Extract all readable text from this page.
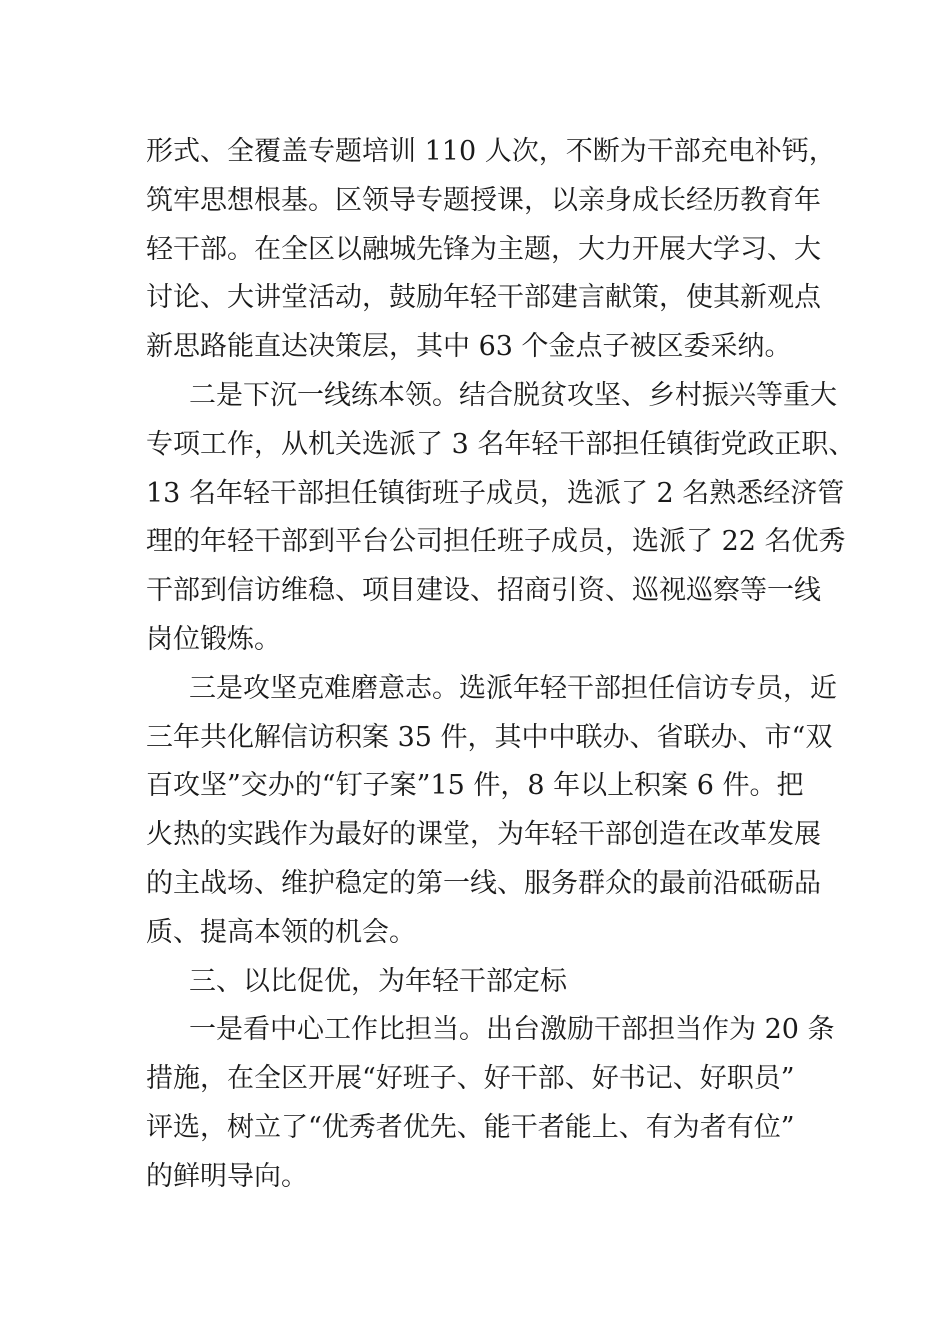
形式、全覆盖专题培训 110 人次，不断为干部充电补钙，
筑牢思想根基。区领导专题授课，以亲身成长经历教育年
轻干部。在全区以融城先锋为主题，大力开展大学习、大
讨论、大讲堂活动，鼓励年轻干部建言献策，使其新观点
新思路能直达决策层，其中 63 个金点子被区委采纳。
二是下沉一线练本领。结合脱贫攻坚、乡村振兴等重大
专项工作，从机关选派了 3 名年轻干部担任镇街党政正职、
13 名年轻干部担任镇街班子成员，选派了 2 名熟悉经济管
理的年轻干部到平台公司担任班子成员，选派了 22 名优秀
干部到信访维稳、项目建设、招商引资、巡视巡察等一线
岗位锻炼。
三是攻坚克难磨意志。选派年轻干部担任信访专员，近
三年共化解信访积案 35 件，其中中联办、省联办、市“双
百攻坚”交办的“钉子案”15 件，8 年以上积案 6 件。把
火热的实践作为最好的课堂，为年轻干部创造在改革发展
的主战场、维护稳定的第一线、服务群众的最前沿砥砺品
质、提高本领的机会。
三、以比促优，为年轻干部定标
一是看中心工作比担当。出台激励干部担当作为 20 条
措施，在全区开展“好班子、好干部、好书记、好职员”
评选，树立了“优秀者优先、能干者能上、有为者有位”
的鲜明导向。
